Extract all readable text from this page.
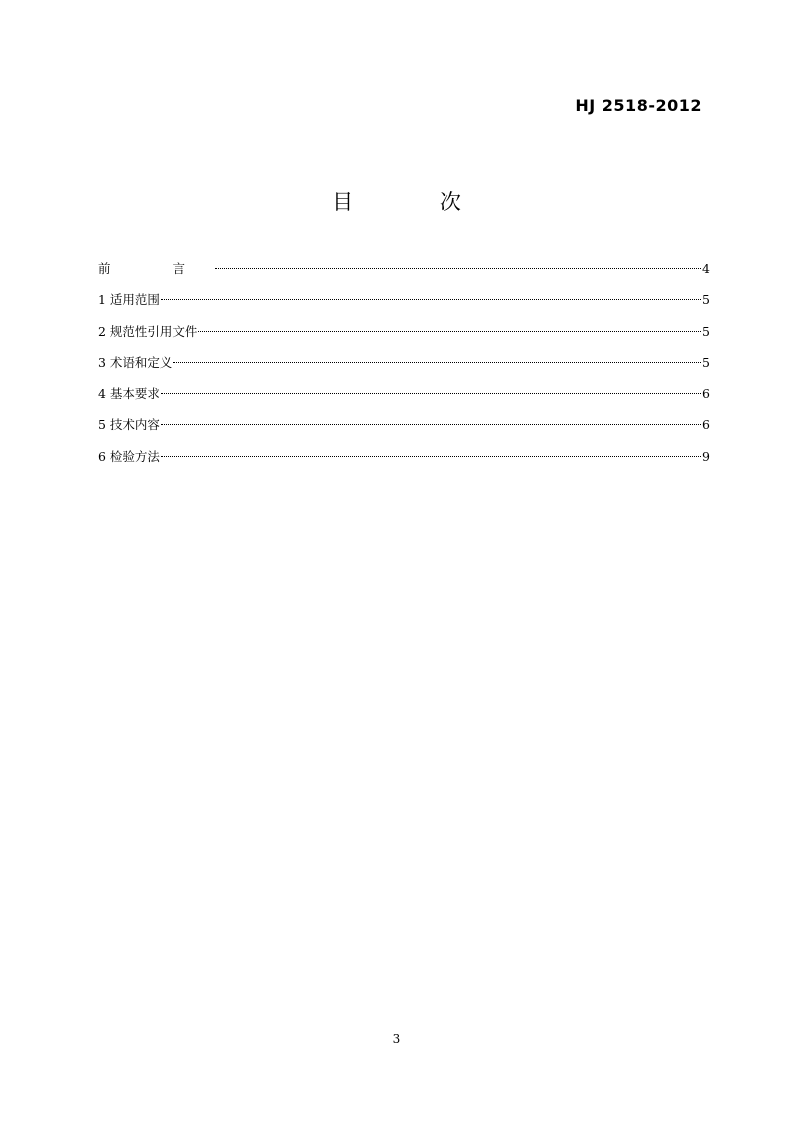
HJ 2518-2012
目 次
前 言	4
1 适用范围	5
2 规范性引用文件	5
3 术语和定义	5
4 基本要求	6
5 技术内容	6
6 检验方法	9
3
